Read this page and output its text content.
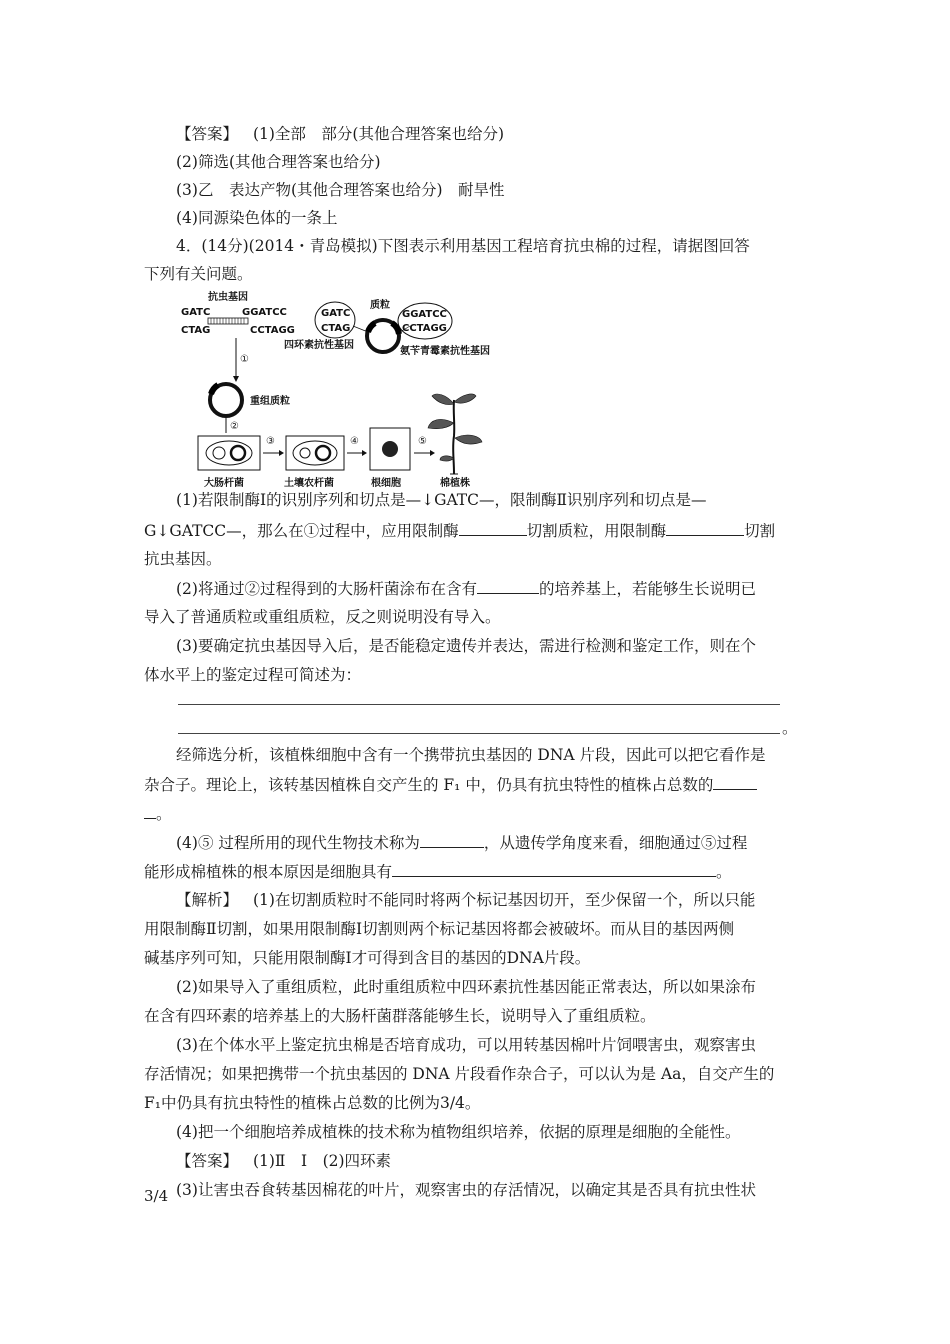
【答案】 (1)全部　部分(其他合理答案也给分)
(2)筛选(其他合理答案也给分)
(3)乙　表达产物(其他合理答案也给分)　耐旱性
(4)同源染色体的一条上
4．(14分)(2014・青岛模拟)下图表示利用基因工程培育抗虫棉的过程，请据图回答
下列有关问题。
抗虫基因
GATC	GGATCC
CTAG	CCTAGG
①
质粒
GATC
CTAG
GGATCC
CCTAGG
四环素抗性基因
氨苄青霉素抗性基因
重组质粒
②
大肠杆菌
③
土壤农杆菌
④
根细胞
⑤
棉植株
(1)若限制酶Ⅰ的识别序列和切点是—↓GATC—，限制酶Ⅱ识别序列和切点是—
G↓GATCC—，那么在①过程中，应用限制酶	切割质粒，用限制酶	切割
抗虫基因。
(2)将通过②过程得到的大肠杆菌涂布在含有	的培养基上，若能够生长说明已
导入了普通质粒或重组质粒，反之则说明没有导入。
(3)要确定抗虫基因导入后，是否能稳定遗传并表达，需进行检测和鉴定工作，则在个
体水平上的鉴定过程可简述为：
。
经筛选分析，该植株细胞中含有一个携带抗虫基因的 DNA 片段，因此可以把它看作是
杂合子。理论上，该转基因植株自交产生的 F₁ 中，仍具有抗虫特性的植株占总数的
。
(4)⑤ 过程所用的现代生物技术称为	，从遗传学角度来看，细胞通过⑤过程
能形成棉植株的根本原因是细胞具有	。
【解析】 (1)在切割质粒时不能同时将两个标记基因切开，至少保留一个，所以只能
用限制酶Ⅱ切割，如果用限制酶Ⅰ切割则两个标记基因将都会被破坏。而从目的基因两侧
碱基序列可知，只能用限制酶Ⅰ才可得到含目的基因的DNA片段。
(2)如果导入了重组质粒，此时重组质粒中四环素抗性基因能正常表达，所以如果涂布
在含有四环素的培养基上的大肠杆菌群落能够生长，说明导入了重组质粒。
(3)在个体水平上鉴定抗虫棉是否培育成功，可以用转基因棉叶片饲喂害虫，观察害虫
存活情况；如果把携带一个抗虫基因的 DNA 片段看作杂合子，可以认为是 Aa，自交产生的
F₁中仍具有抗虫特性的植株占总数的比例为3/4。
(4)把一个细胞培养成植株的技术称为植物组织培养，依据的原理是细胞的全能性。
【答案】 (1)Ⅱ　Ⅰ　(2)四环素
(3)让害虫吞食转基因棉花的叶片，观察害虫的存活情况，以确定其是否具有抗虫性状
3/4
